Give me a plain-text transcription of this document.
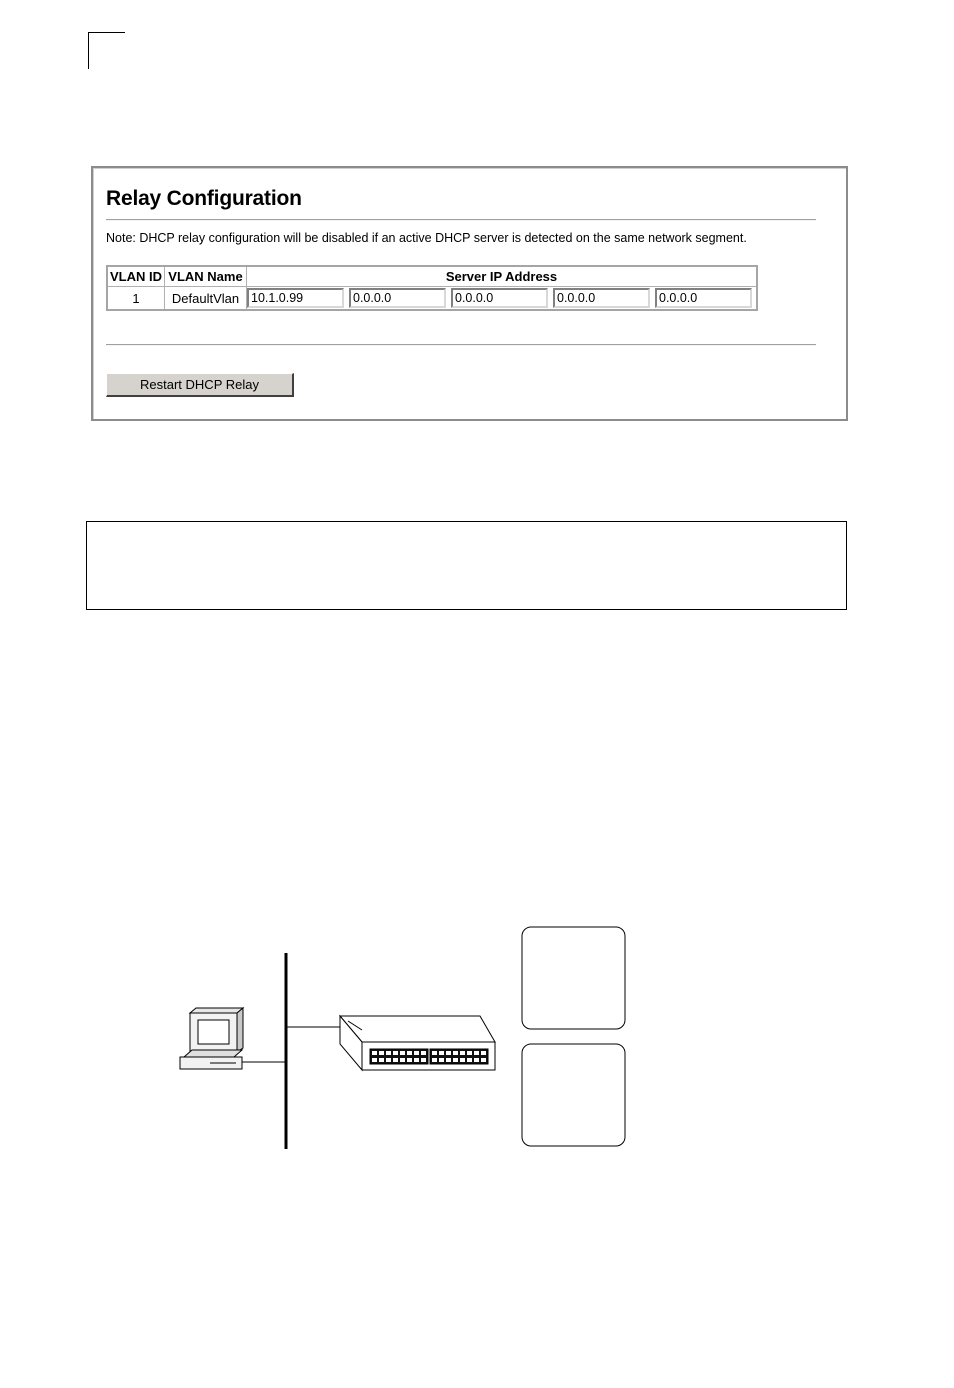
Relay Configuration
Note: DHCP relay configuration will be disabled if an active DHCP server is detected on the same network segment.
VLAN ID	VLAN Name	Server IP Address
1	DefaultVlan	10.1.0.99 0.0.0.0 0.0.0.0 0.0.0.0 0.0.0.0
Restart DHCP Relay
